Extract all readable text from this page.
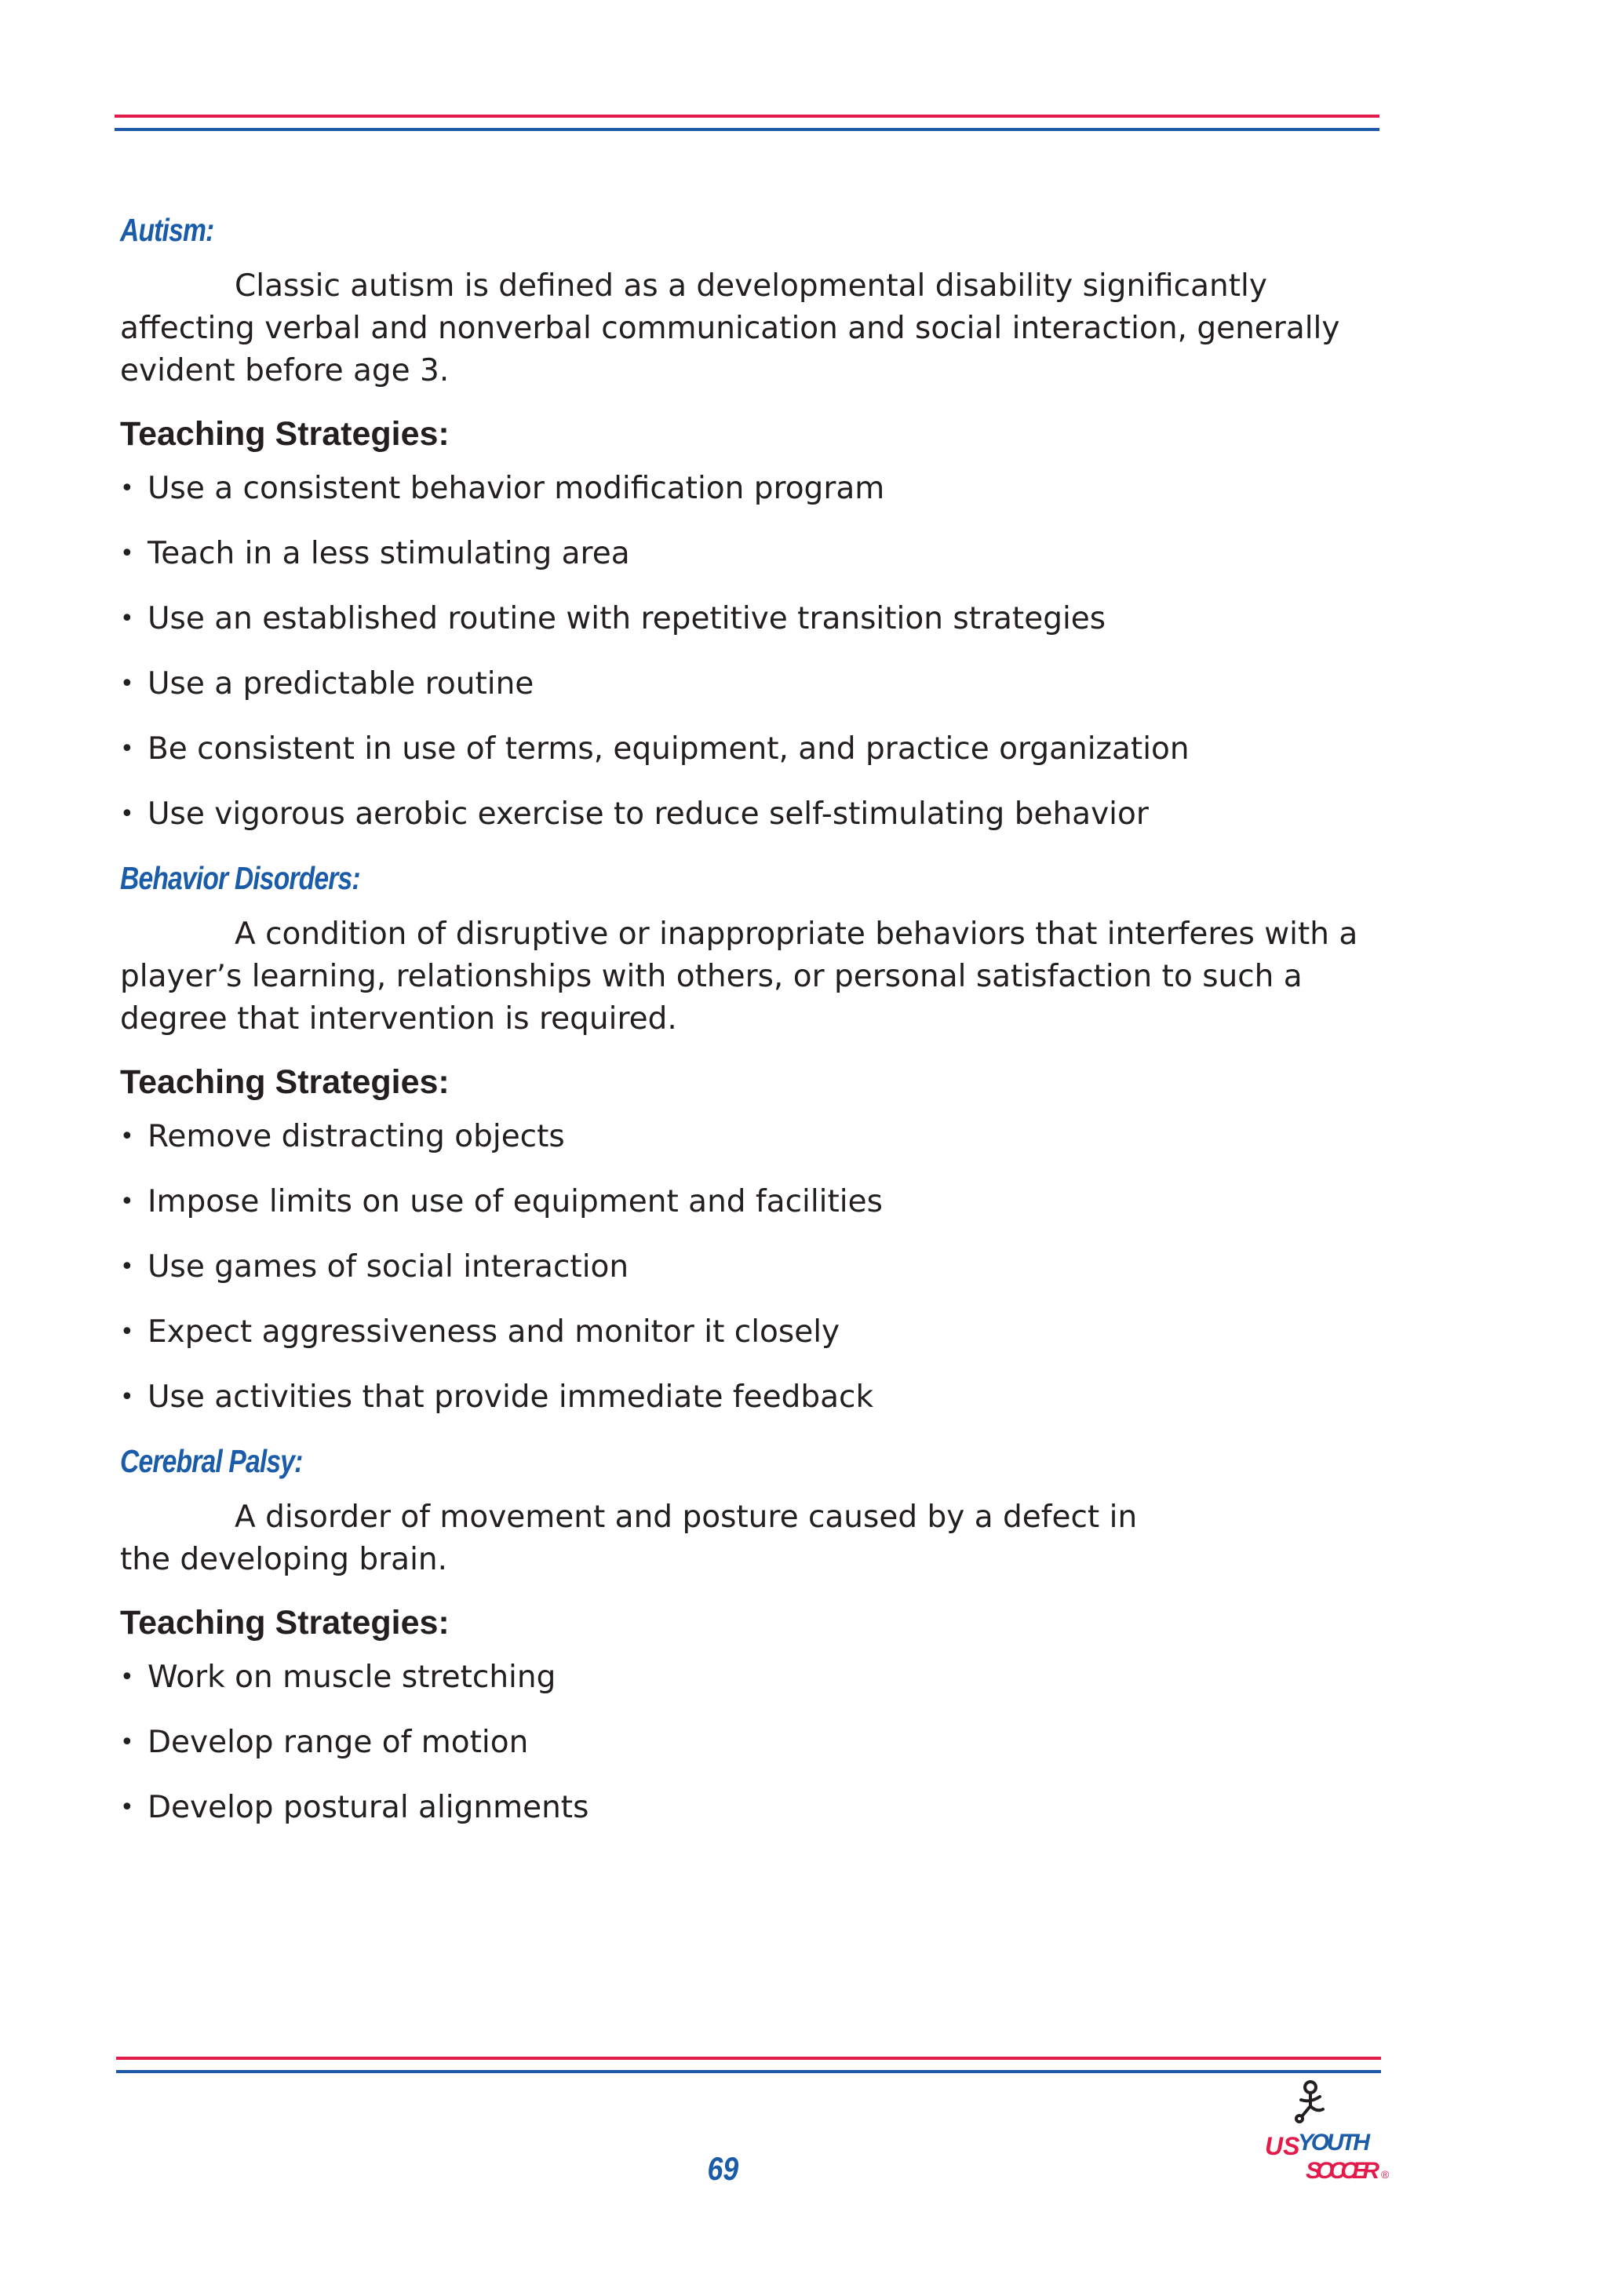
Autism:

Classic autism is defined as a developmental disability significantly affecting verbal and nonverbal communication and social interaction, generally evident before age 3.

Teaching Strategies:
• Use a consistent behavior modification program
• Teach in a less stimulating area
• Use an established routine with repetitive transition strategies
• Use a predictable routine
• Be consistent in use of terms, equipment, and practice organization
• Use vigorous aerobic exercise to reduce self-stimulating behavior
Behavior Disorders:

A condition of disruptive or inappropriate behaviors that interferes with a player’s learning, relationships with others, or personal satisfaction to such a degree that intervention is required.

Teaching Strategies:
• Remove distracting objects
• Impose limits on use of equipment and facilities
• Use games of social interaction
• Expect aggressiveness and monitor it closely
• Use activities that provide immediate feedback
Cerebral Palsy:

A disorder of movement and posture caused by a defect in the developing brain.

Teaching Strategies:
• Work on muscle stretching
• Develop range of motion
• Develop postural alignments
69
US
YOUTH
SOCCER ®
